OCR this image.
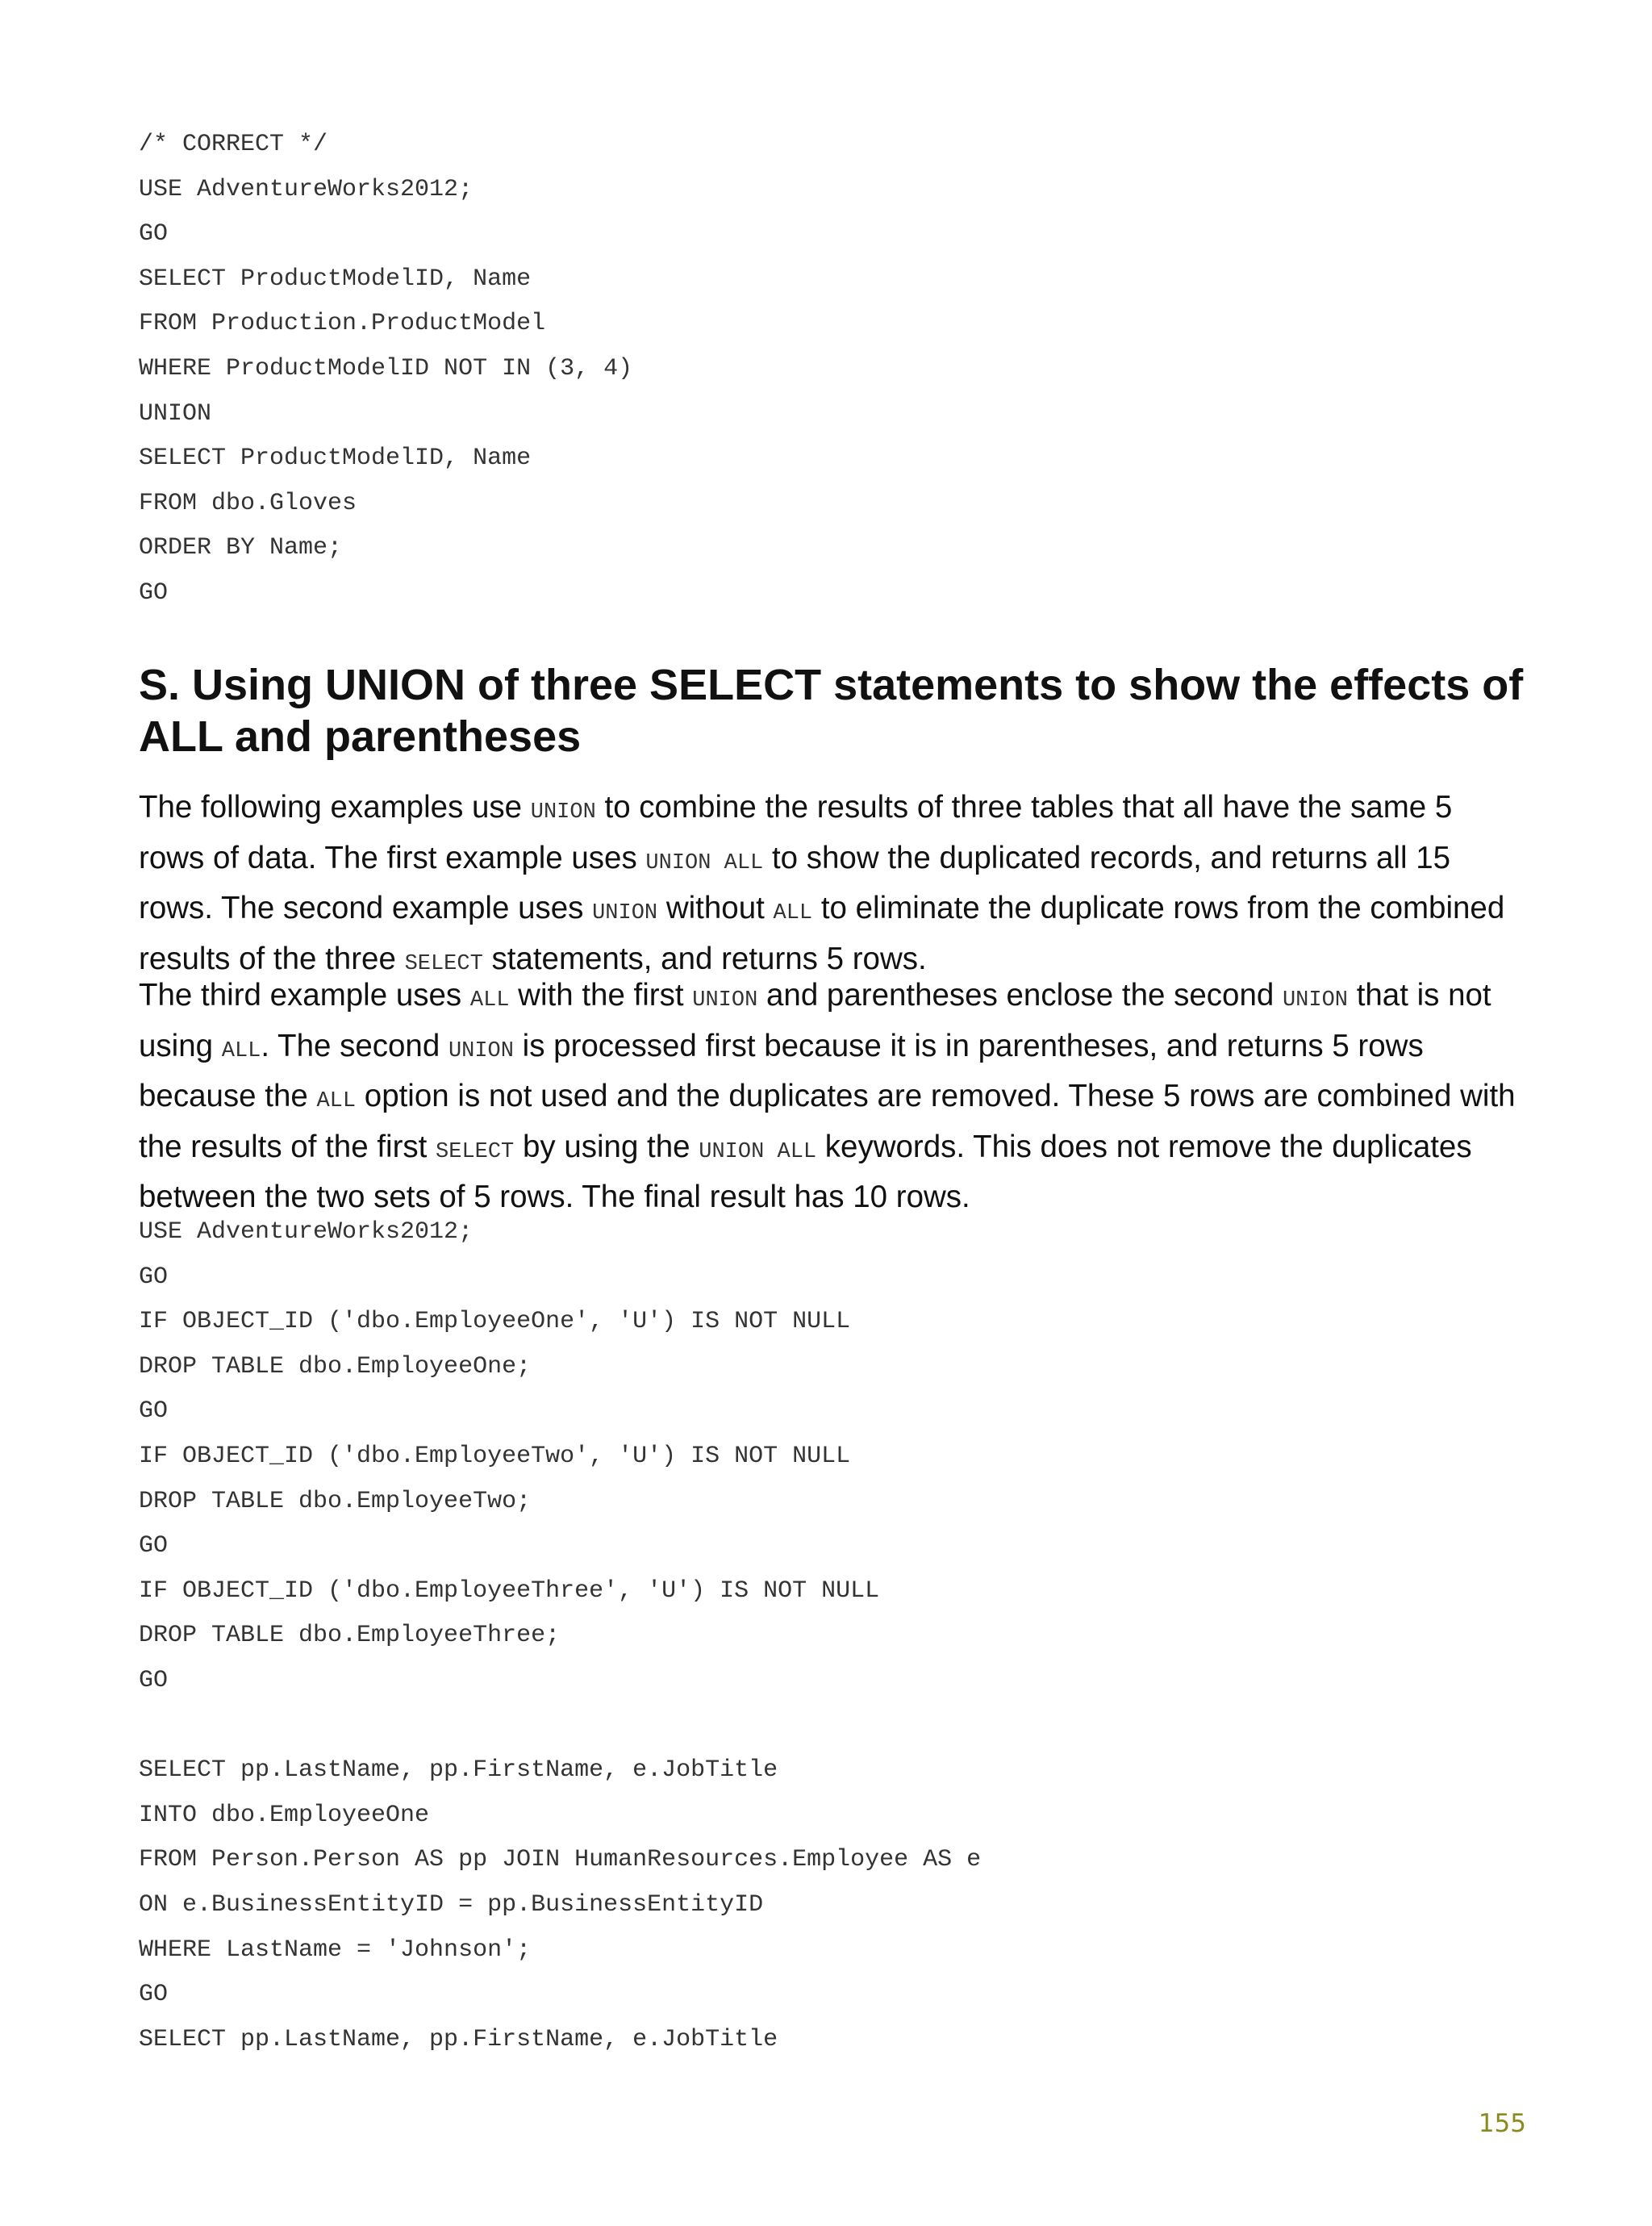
/* CORRECT */
USE AdventureWorks2012;
GO
SELECT ProductModelID, Name
FROM Production.ProductModel
WHERE ProductModelID NOT IN (3, 4)
UNION
SELECT ProductModelID, Name
FROM dbo.Gloves
ORDER BY Name;
GO
S. Using UNION of three SELECT statements to show the effects of ALL and parentheses

The following examples use UNION to combine the results of three tables that all have the same 5 rows of data. The first example uses UNION ALL to show the duplicated records, and returns all 15 rows. The second example uses UNION without ALL to eliminate the duplicate rows from the combined results of the three SELECT statements, and returns 5 rows.

The third example uses ALL with the first UNION and parentheses enclose the second UNION that is not using ALL. The second UNION is processed first because it is in parentheses, and returns 5 rows because the ALL option is not used and the duplicates are removed. These 5 rows are combined with the results of the first SELECT by using the UNION ALL keywords. This does not remove the duplicates between the two sets of 5 rows. The final result has 10 rows.

USE AdventureWorks2012;
GO
IF OBJECT_ID ('dbo.EmployeeOne', 'U') IS NOT NULL
DROP TABLE dbo.EmployeeOne;
GO
IF OBJECT_ID ('dbo.EmployeeTwo', 'U') IS NOT NULL
DROP TABLE dbo.EmployeeTwo;
GO
IF OBJECT_ID ('dbo.EmployeeThree', 'U') IS NOT NULL
DROP TABLE dbo.EmployeeThree;
GO
SELECT pp.LastName, pp.FirstName, e.JobTitle
INTO dbo.EmployeeOne
FROM Person.Person AS pp JOIN HumanResources.Employee AS e
ON e.BusinessEntityID = pp.BusinessEntityID
WHERE LastName = 'Johnson';
GO
SELECT pp.LastName, pp.FirstName, e.JobTitle
155
